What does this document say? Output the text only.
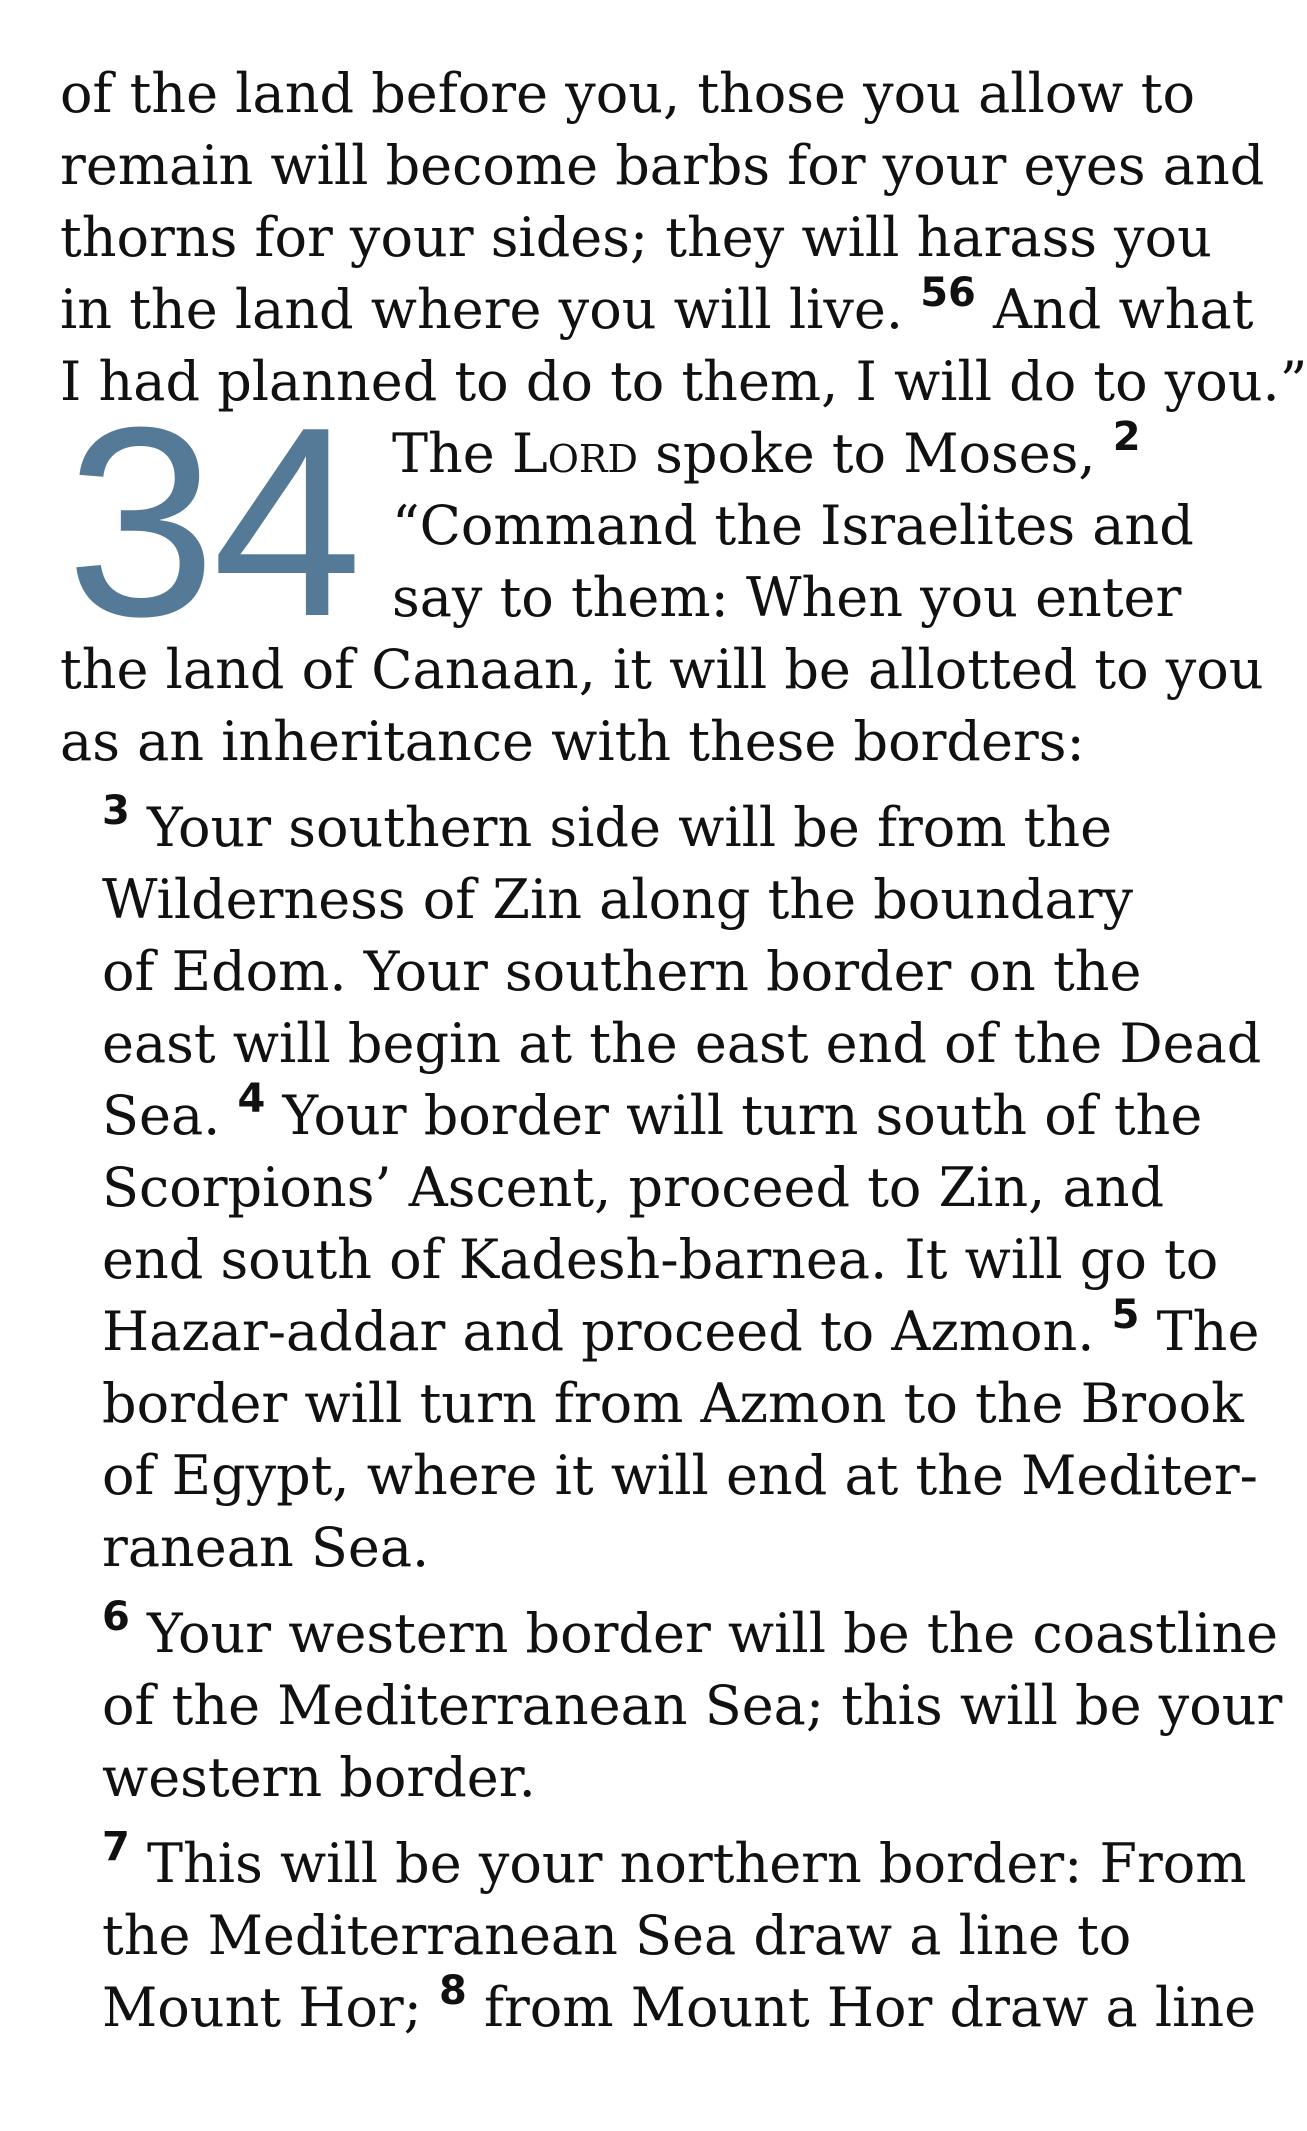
of the land before you, those you allow to
remain will become barbs for your eyes and
thorns for your sides; they will harass you
in the land where you will live. $^{56}$ And what
I had planned to do to them, I will do to you.”
34 The Lord spoke to Moses, $^2$
“Command the Israelites and
say to them: When you enter
the land of Canaan, it will be allotted to you
as an inheritance with these borders:
$^3$ Your southern side will be from the
Wilderness of Zin along the boundary
of Edom. Your southern border on the
east will begin at the east end of the Dead
Sea. $^4$ Your border will turn south of the
Scorpions’ Ascent, proceed to Zin, and
end south of Kadesh-barnea. It will go to
Hazar-addar and proceed to Azmon. $^5$ The
border will turn from Azmon to the Brook
of Egypt, where it will end at the Mediter-
ranean Sea.
$^6$ Your western border will be the coastline
of the Mediterranean Sea; this will be your
western border.
$^7$ This will be your northern border: From
the Mediterranean Sea draw a line to
Mount Hor; $^8$ from Mount Hor draw a line
